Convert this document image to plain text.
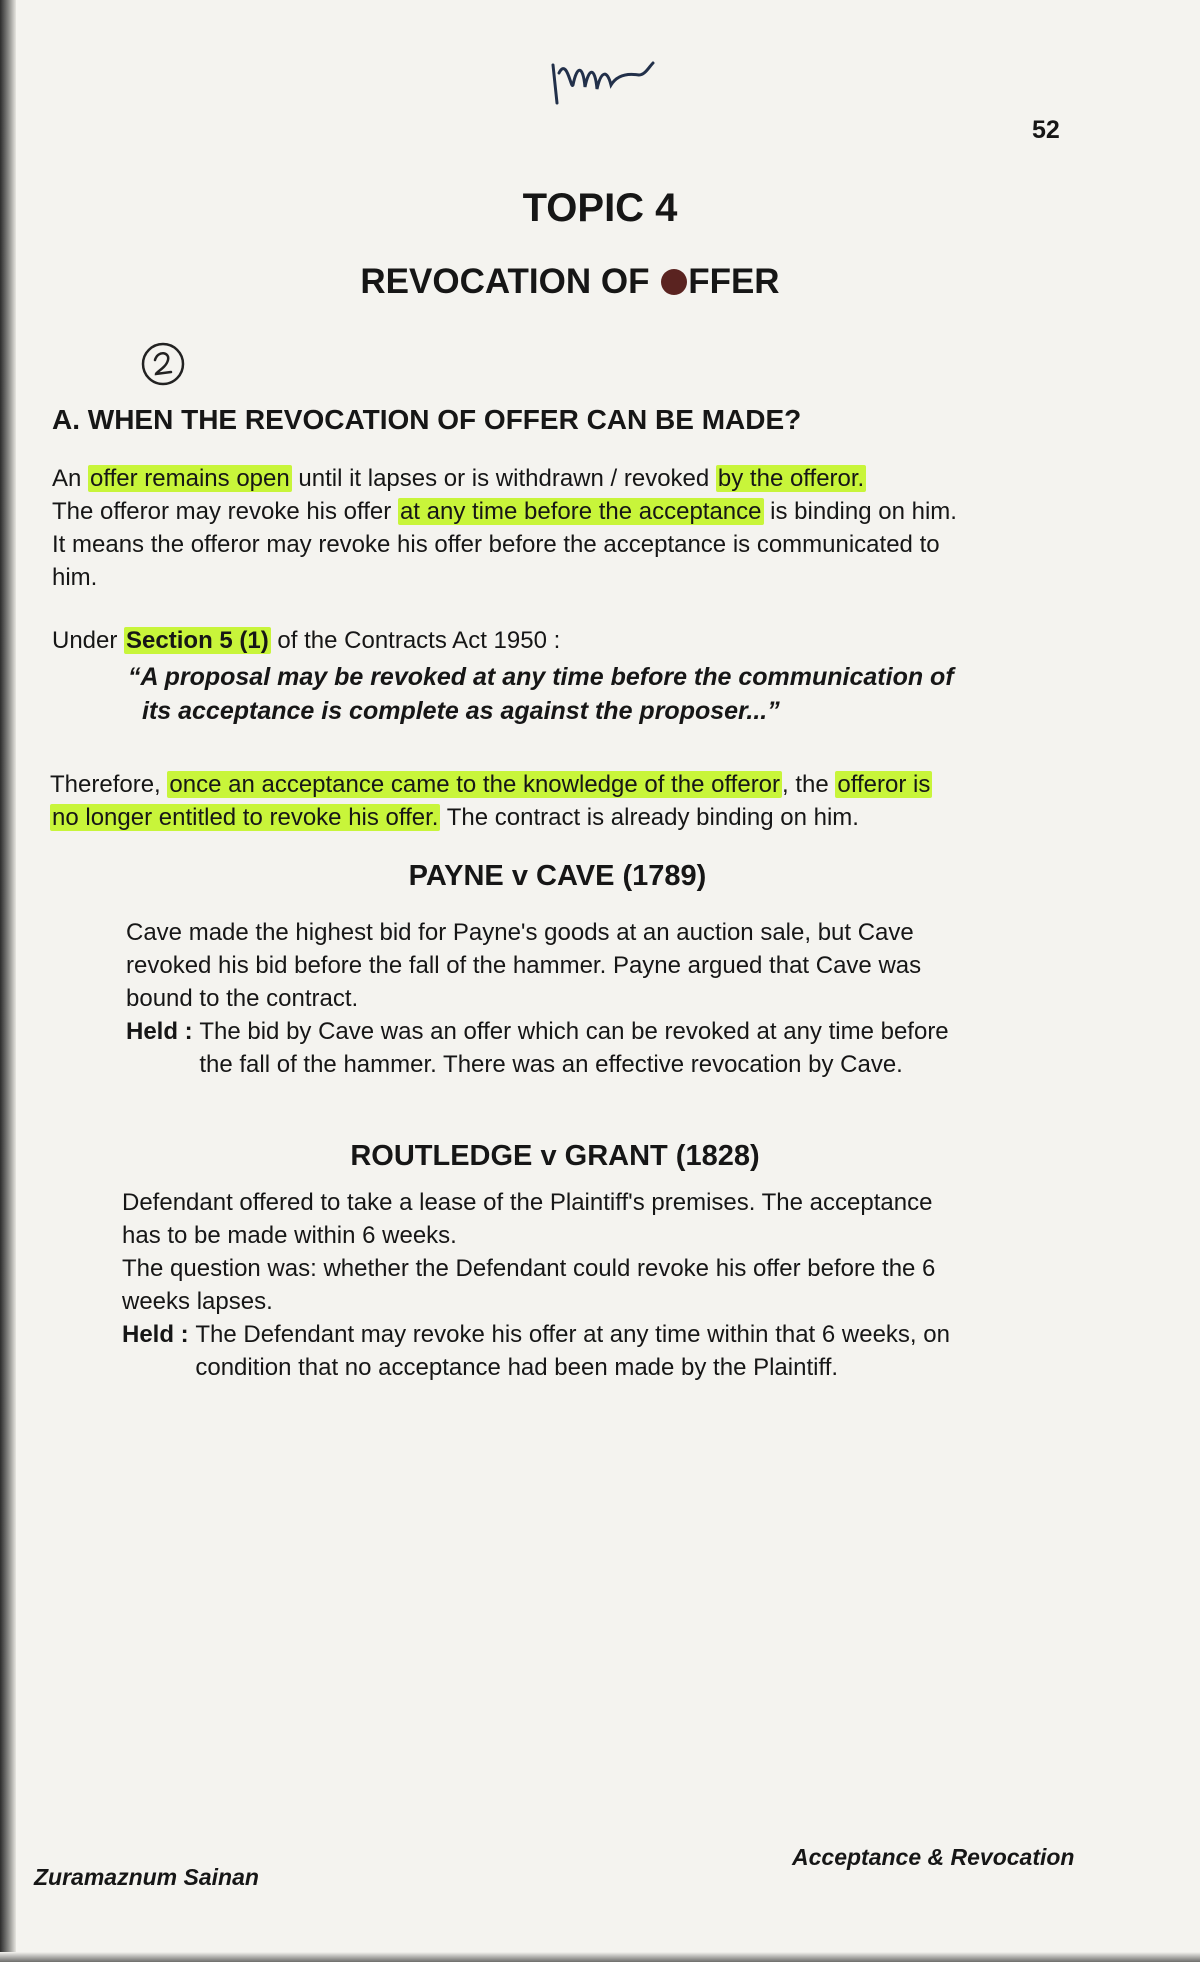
52
TOPIC 4
REVOCATION OF FFER
A. WHEN THE REVOCATION OF OFFER CAN BE MADE?

An offer remains open until it lapses or is withdrawn / revoked by the offeror.

The offeror may revoke his offer at any time before the acceptance is binding on him.

It means the offeror may revoke his offer before the acceptance is communicated to

him.

Under Section 5 (1) of the Contracts Act 1950 :

“A proposal may be revoked at any time before the communication of
its acceptance is complete as against the proposer...”

Therefore, once an acceptance came to the knowledge of the offeror, the offeror is

no longer entitled to revoke his offer. The contract is already binding on him.

PAYNE v CAVE (1789)

Cave made the highest bid for Payne's goods at an auction sale, but Cave

revoked his bid before the fall of the hammer. Payne argued that Cave was

bound to the contract.

Held : The bid by Cave was an offer which can be revoked at any time before
the fall of the hammer. There was an effective revocation by Cave.
ROUTLEDGE v GRANT (1828)

Defendant offered to take a lease of the Plaintiff's premises. The acceptance

has to be made within 6 weeks.

The question was: whether the Defendant could revoke his offer before the 6

weeks lapses.

Held : The Defendant may revoke his offer at any time within that 6 weeks, on
condition that no acceptance had been made by the Plaintiff.
Zuramaznum Sainan
Acceptance & Revocation
